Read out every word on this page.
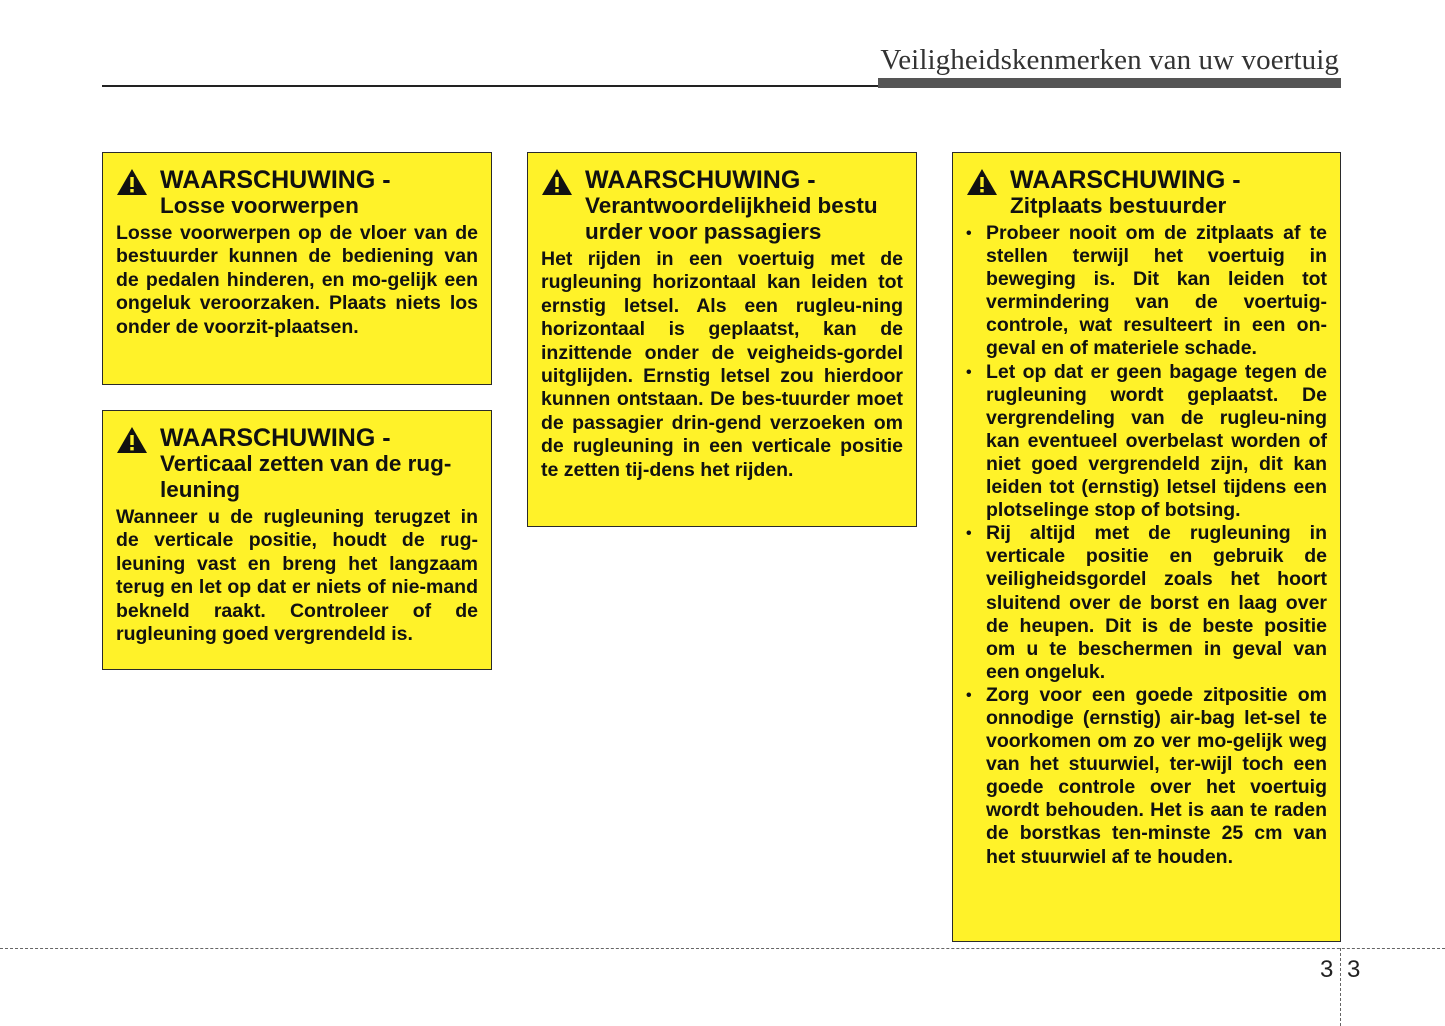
Veiligheidskenmerken van uw voertuig
WAARSCHUWING -
Losse voorwerpen
Losse voorwerpen op de vloer van de bestuurder kunnen de bediening van de pedalen hinderen, en mo-gelijk een ongeluk veroorzaken. Plaats niets los onder de voorzit-plaatsen.
WAARSCHUWING -
Verticaal zetten van de rug-leuning
Wanneer u de rugleuning terugzet in de verticale positie, houdt de rug-leuning vast en breng het langzaam terug en let op dat er niets of nie-mand bekneld raakt. Controleer of de rugleuning goed vergrendeld is.
WAARSCHUWING -
Verantwoordelijkheid bestu urder voor passagiers
Het rijden in een voertuig met de rugleuning horizontaal kan leiden tot ernstig letsel. Als een rugleu-ning horizontaal is geplaatst, kan de inzittende onder de veigheids-gordel uitglijden. Ernstig letsel zou hierdoor kunnen ontstaan. De bes-tuurder moet de passagier drin-gend verzoeken om de rugleuning in een verticale positie te zetten tij-dens het rijden.
WAARSCHUWING -
Zitplaats bestuurder
• Probeer nooit om de zitplaats af te stellen terwijl het voertuig in beweging is. Dit kan leiden tot vermindering van de voertuig-controle, wat resulteert in een on-geval en of materiele schade.
• Let op dat er geen bagage tegen de rugleuning wordt geplaatst. De vergrendeling van de rugleu-ning kan eventueel overbelast worden of niet goed vergrendeld zijn, dit kan leiden tot (ernstig) letsel tijdens een plotselinge stop of botsing.
• Rij altijd met de rugleuning in verticale positie en gebruik de veiligheidsgordel zoals het hoort sluitend over de borst en laag over de heupen. Dit is de beste positie om u te beschermen in geval van een ongeluk.
• Zorg voor een goede zitpositie om onnodige (ernstig) air-bag let-sel te voorkomen om zo ver mo-gelijk weg van het stuurwiel, ter-wijl toch een goede controle over het voertuig wordt behouden. Het is aan te raden de borstkas ten-minste 25 cm van het stuurwiel af te houden.
3 3
